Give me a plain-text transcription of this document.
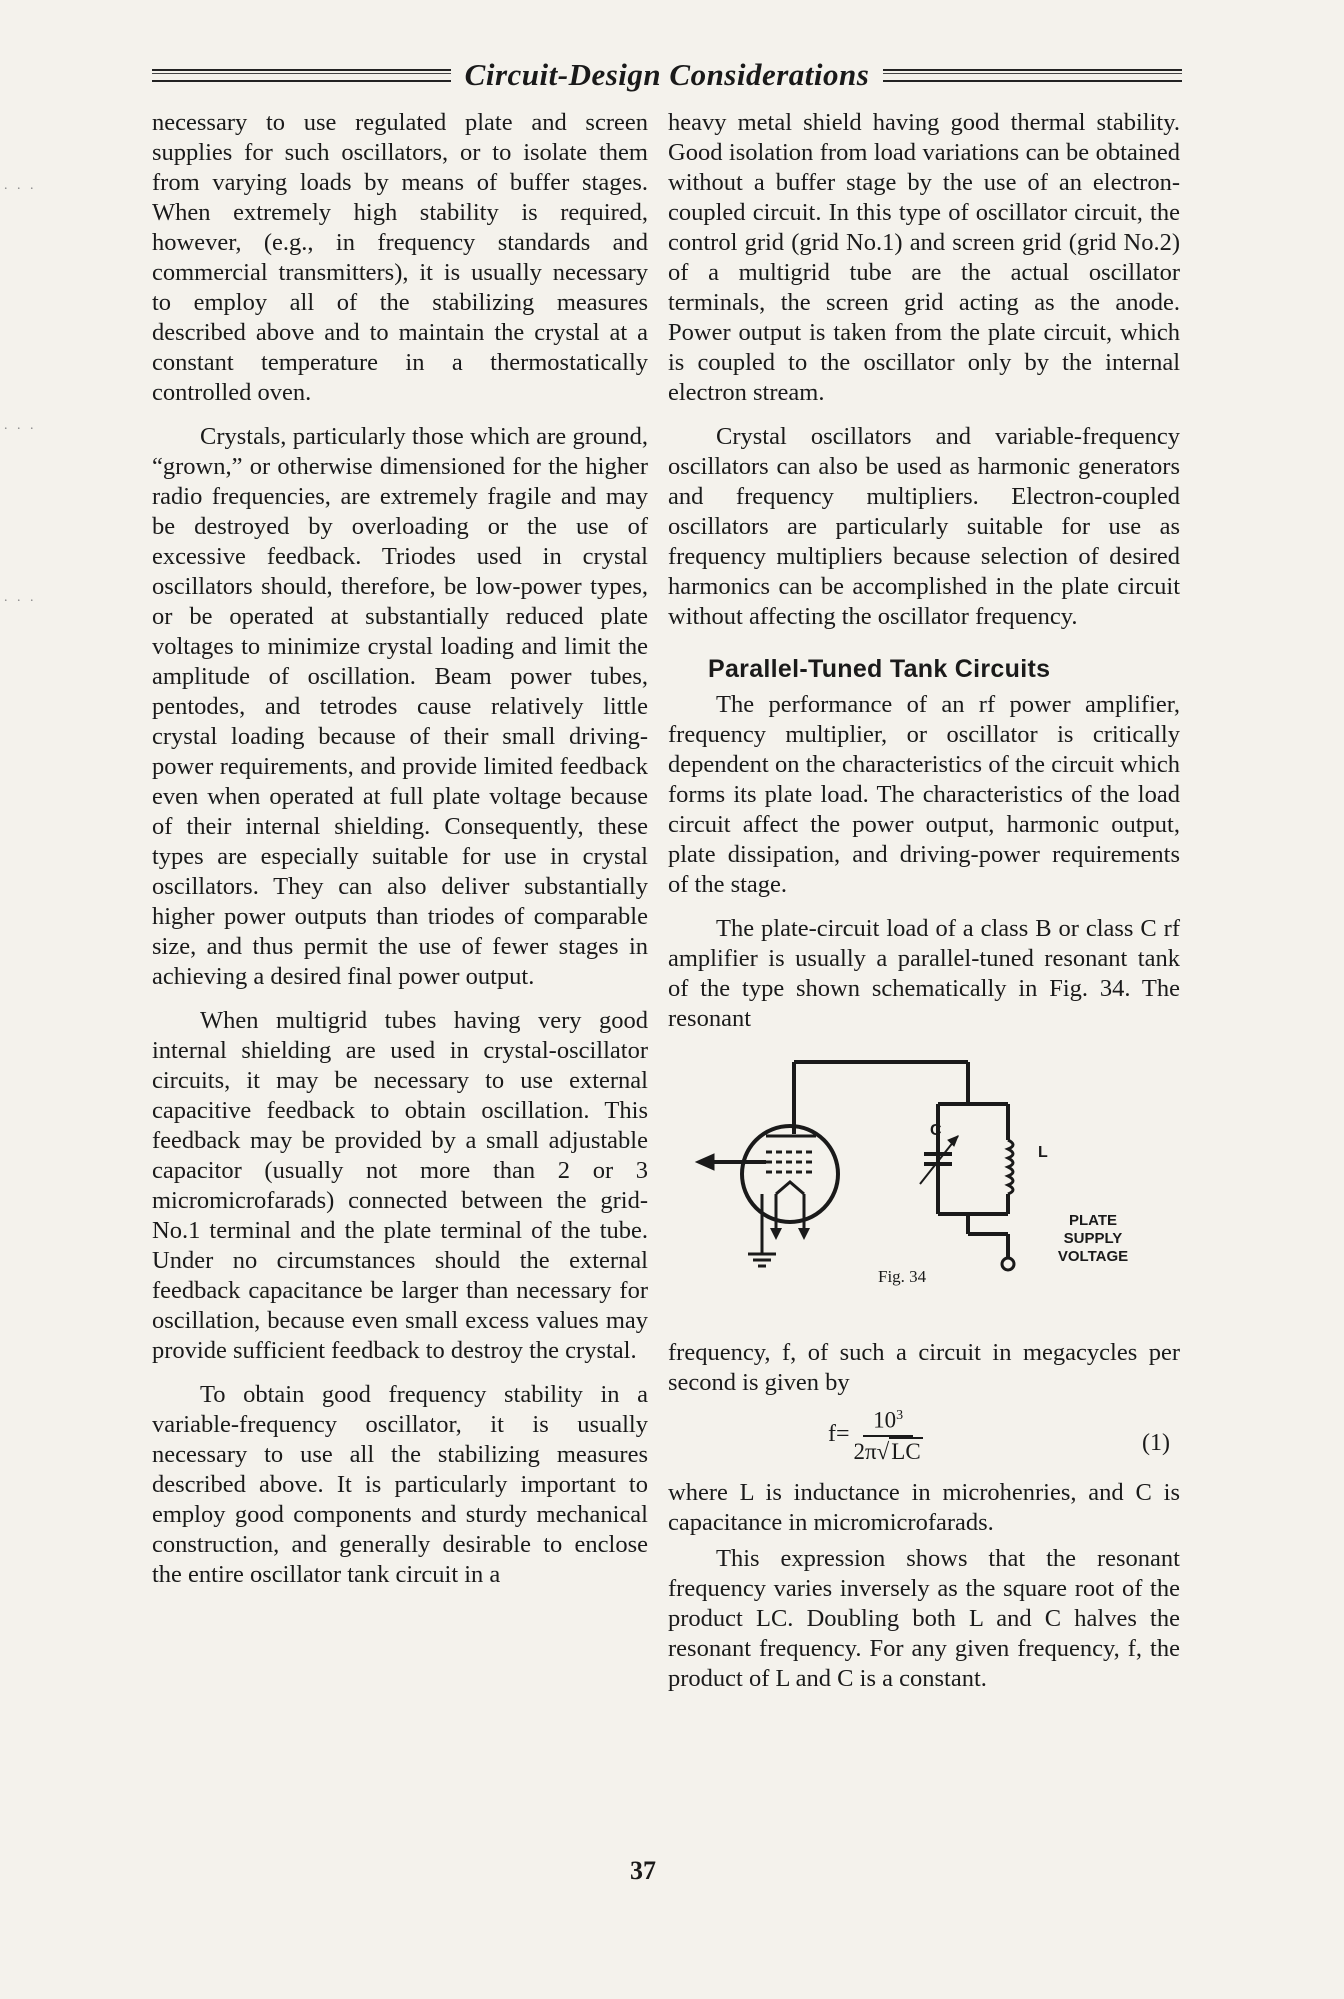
Circuit-Design Considerations
. . .
. . .
. . .

necessary to use regulated plate and screen supplies for such oscillators, or to isolate them from varying loads by means of buffer stages. When extremely high stability is required, however, (e.g., in frequency standards and commercial transmitters), it is usually necessary to employ all of the stabilizing measures described above and to maintain the crystal at a constant temperature in a thermostatically controlled oven.

Crystals, particularly those which are ground, “grown,” or otherwise dimensioned for the higher radio frequencies, are extremely fragile and may be destroyed by overloading or the use of excessive feedback. Triodes used in crystal oscillators should, therefore, be low-power types, or be operated at substantially reduced plate voltages to minimize crystal loading and limit the amplitude of oscillation. Beam power tubes, pentodes, and tetrodes cause relatively little crystal loading because of their small driving-power requirements, and provide limited feedback even when operated at full plate voltage because of their internal shielding. Consequently, these types are especially suitable for use in crystal oscillators. They can also deliver substantially higher power outputs than triodes of comparable size, and thus permit the use of fewer stages in achieving a desired final power output.

When multigrid tubes having very good internal shielding are used in crystal-oscillator circuits, it may be necessary to use external capacitive feedback to obtain oscillation. This feedback may be provided by a small adjustable capacitor (usually not more than 2 or 3 micromicrofarads) connected between the grid-No.1 terminal and the plate terminal of the tube. Under no circumstances should the external feedback capacitance be larger than necessary for oscillation, because even small excess values may provide sufficient feedback to destroy the crystal.

To obtain good frequency stability in a variable-frequency oscillator, it is usually necessary to use all the stabilizing measures described above. It is particularly important to employ good components and sturdy mechanical construction, and generally desirable to enclose the entire oscillator tank circuit in a

heavy metal shield having good thermal stability. Good isolation from load variations can be obtained without a buffer stage by the use of an electron-coupled circuit. In this type of oscillator circuit, the control grid (grid No.1) and screen grid (grid No.2) of a multigrid tube are the actual oscillator terminals, the screen grid acting as the anode. Power output is taken from the plate circuit, which is coupled to the oscillator only by the internal electron stream.

Crystal oscillators and variable-frequency oscillators can also be used as harmonic generators and frequency multipliers. Electron-coupled oscillators are particularly suitable for use as frequency multipliers because selection of desired harmonics can be accomplished in the plate circuit without affecting the oscillator frequency.

Parallel-Tuned Tank Circuits

The performance of an rf power amplifier, frequency multiplier, or oscillator is critically dependent on the characteristics of the circuit which forms its plate load. The characteristics of the load circuit affect the power output, harmonic output, plate dissipation, and driving-power requirements of the stage.

The plate-circuit load of a class B or class C rf amplifier is usually a parallel-tuned resonant tank of the type shown schematically in Fig. 34. The resonant

C
L
PLATE
SUPPLY
VOLTAGE
Fig. 34

frequency, f, of such a circuit in megacycles per second is given by

$f= \frac{10^3}{2\pi√LC}$	(1)

where L is inductance in microhenries, and C is capacitance in micromicrofarads.

This expression shows that the resonant frequency varies inversely as the square root of the product LC. Doubling both L and C halves the resonant frequency. For any given frequency, f, the product of L and C is a constant.

37
